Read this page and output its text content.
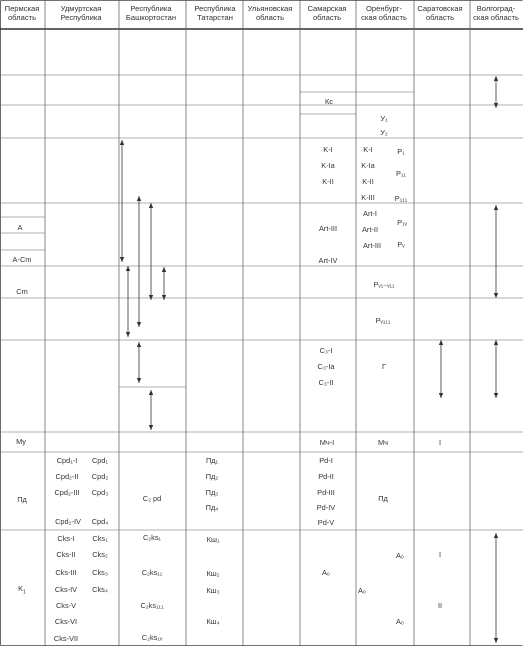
Пермская
область
Удмуртская
Республика
Республика
Башкортостан
Республика
Татарстан
Ульяновская
область
Самарская
область
Оренбург-
ская область
Саратовская
область
Волгоград-
ская область
A
A-Cm
Cm
My
Пд
$K_1$
Cpd₁-I
Cpd₂-II
Cpd₂-III
Cpd₂-IV
Cpd₁
Cpd₂
Cpd₃
Cpd₄
Cks-I
Cks-II
Cks-III
Cks-IV
Cks-V
Cks-VI
Cks-VII
Cks₁
Cks₂
Cks₃
Cks₄
C₂ pd
C₂ks₁
C₂ks₁₁
C₂ks₁₁₁
C₂ks₁ᵥ
Пд₁
Пд₂
Пд₃
Пд₄
Кш₁
Кш₂
Кш₃
Кш₄
Кс
K-I
K-Ia
K-II
Art-III
Art-IV
C₃-I
C₃-Ia
C₃-II
Мч-I
Pd-I
Pd-II
Pd-III
Pd-IV
Pd-V
A₀
У₁
У₂
K-I
K-Ia
K-II
K-III
P₁
P₁₁
P₁₁₁
Art-I
Art-II
Art-III
P₁ᵥ
Pᵥ
Pᵥ₁₋ᵥ₁₁
Pᵥ₁₁₁
Г
Мч
Пд
A₀
A₀
A₀
I
I
II
